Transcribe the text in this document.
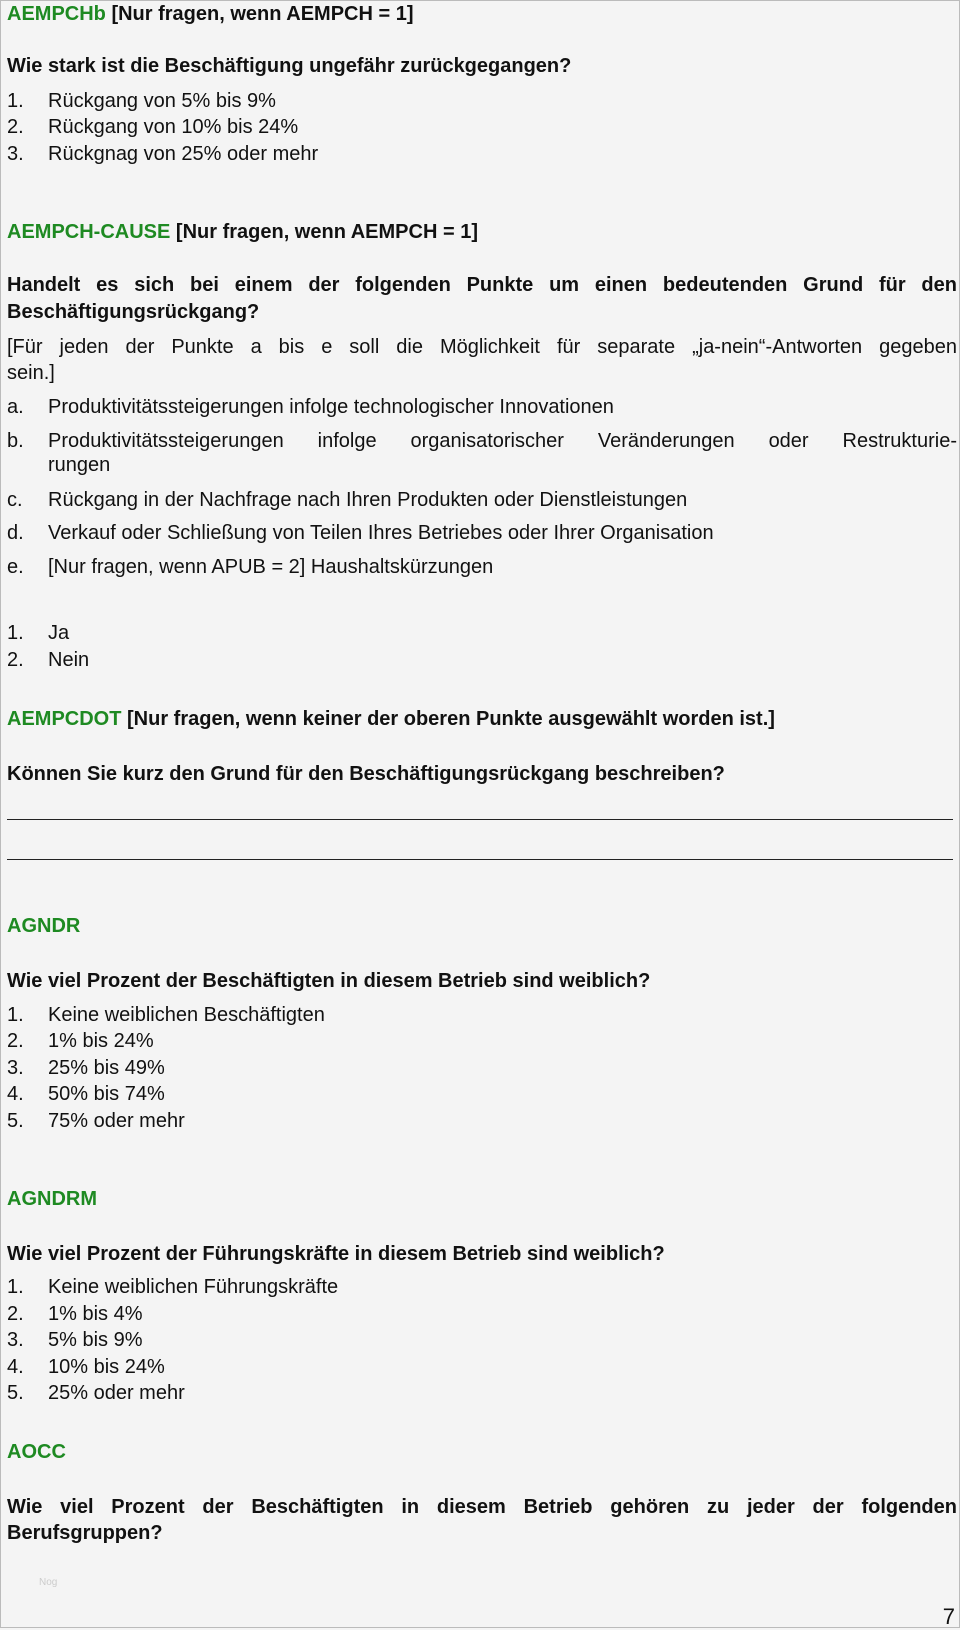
AEMPCHb [Nur fragen, wenn AEMPCH = 1]
Wie stark ist die Beschäftigung ungefähr zurückgegangen?
1. Rückgang von 5% bis 9%
2. Rückgang von 10% bis 24%
3. Rückgnag von 25% oder mehr
AEMPCH-CAUSE [Nur fragen, wenn AEMPCH = 1]
Handelt es sich bei einem der folgenden Punkte um einen bedeutenden Grund für den
Beschäftigungsrückgang?
[Für jeden der Punkte a bis e soll die Möglichkeit für separate „ja-nein“-Antworten gegeben
sein.]
a. Produktivitätssteigerungen infolge technologischer Innovationen
b. Produktivitätssteigerungen infolge organisatorischer Veränderungen oder Restrukturie-
rungen
c. Rückgang in der Nachfrage nach Ihren Produkten oder Dienstleistungen
d. Verkauf oder Schließung von Teilen Ihres Betriebes oder Ihrer Organisation
e. [Nur fragen, wenn APUB = 2] Haushaltskürzungen
1. Ja
2. Nein
AEMPCDOT [Nur fragen, wenn keiner der oberen Punkte ausgewählt worden ist.]
Können Sie kurz den Grund für den Beschäftigungsrückgang beschreiben?
AGNDR
Wie viel Prozent der Beschäftigten in diesem Betrieb sind weiblich?
1. Keine weiblichen Beschäftigten
2. 1% bis 24%
3. 25% bis 49%
4. 50% bis 74%
5. 75% oder mehr
AGNDRM
Wie viel Prozent der Führungskräfte in diesem Betrieb sind weiblich?
1. Keine weiblichen Führungskräfte
2. 1% bis 4%
3. 5% bis 9%
4. 10% bis 24%
5. 25% oder mehr
AOCC
Wie viel Prozent der Beschäftigten in diesem Betrieb gehören zu jeder der folgenden
Berufsgruppen?
Nog
7
